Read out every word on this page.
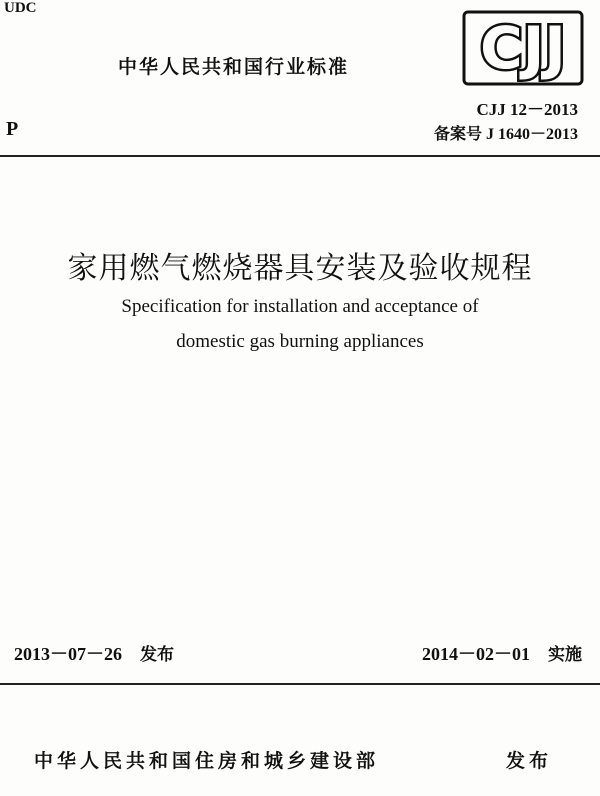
UDC
中华人民共和国行业标准 CJJ
CJJ 12－2013
P	备案号 J 1640－2013
家用燃气燃烧器具安装及验收规程
Specification for installation and acceptance of
domestic gas burning appliances
2013－07－26 发布	2014－02－01 实施
中华人民共和国住房和城乡建设部	发布
